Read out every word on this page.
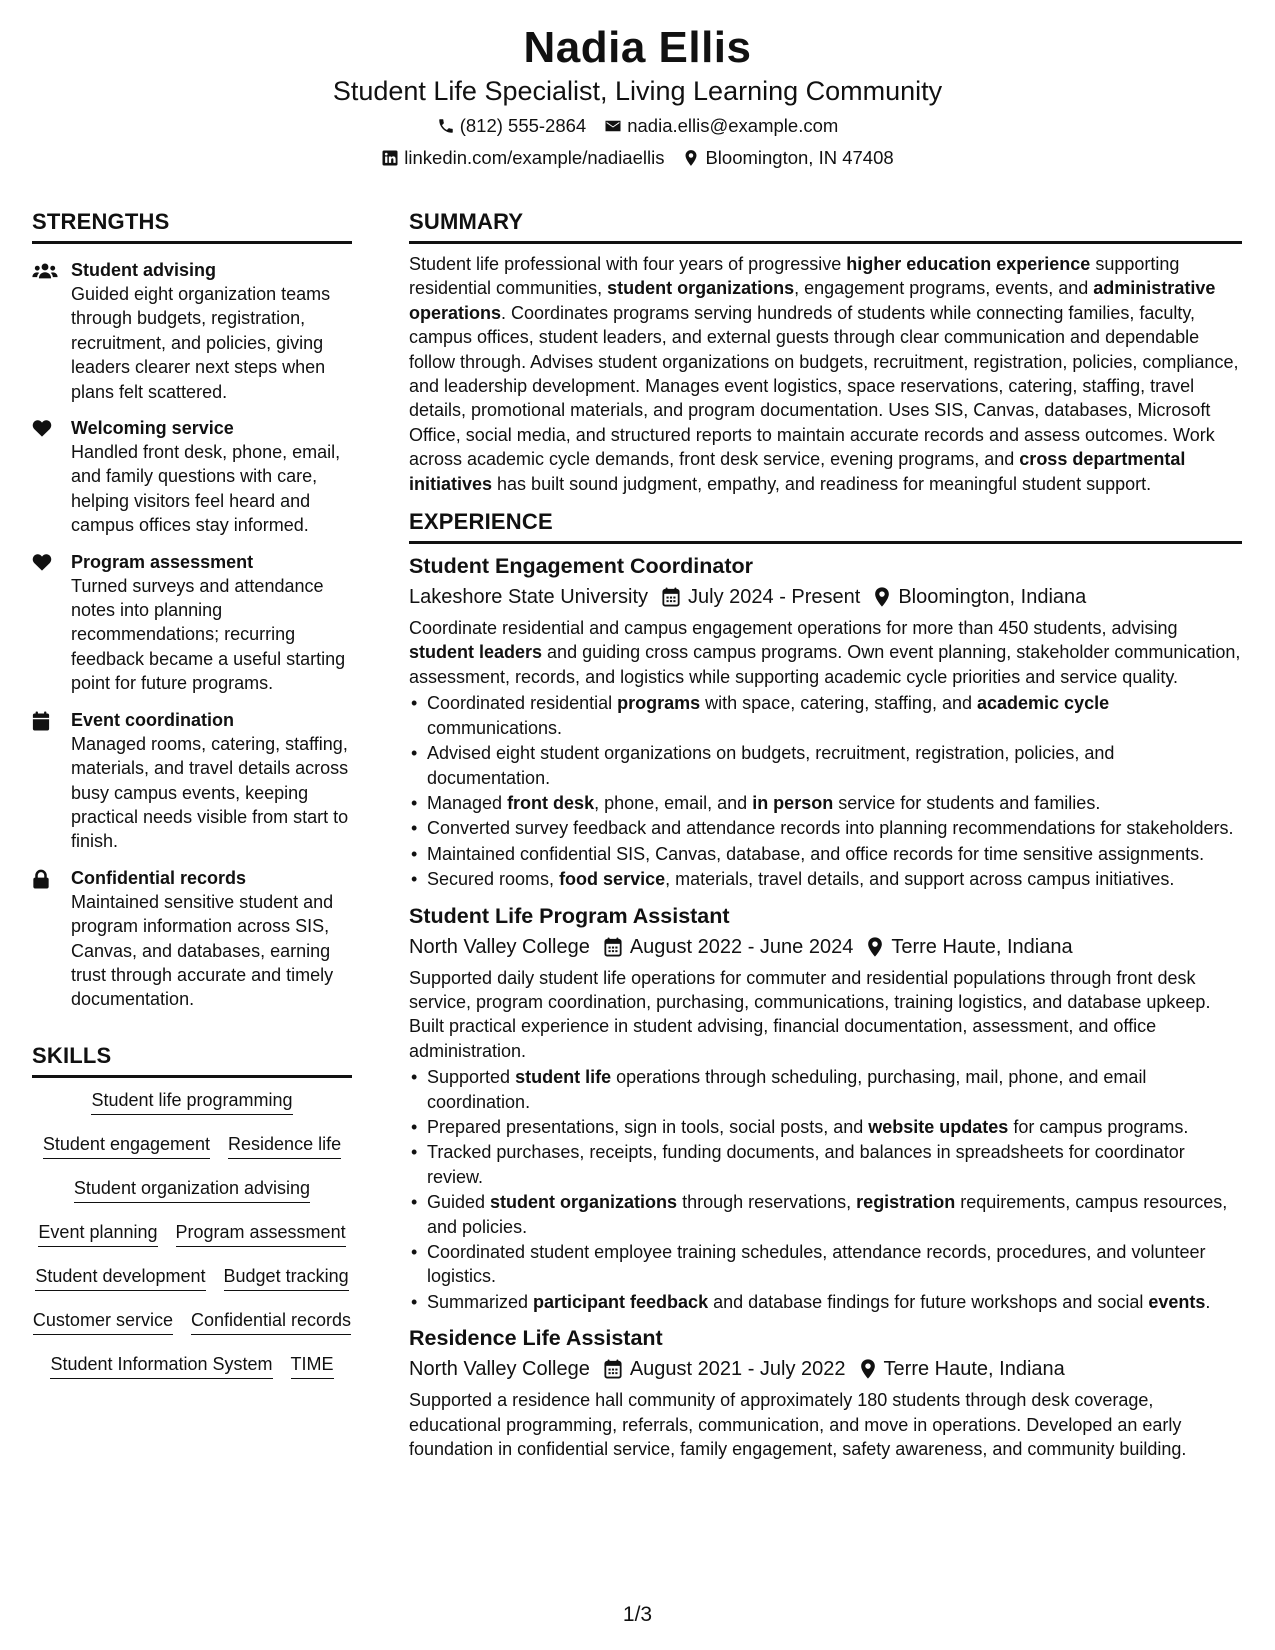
Nadia Ellis
Student Life Specialist, Living Learning Community
(812) 555-2864 nadia.ellis@example.com
linkedin.com/example/nadiaellis Bloomington, IN 47408
STRENGTHS
Student advising
Guided eight organization teams through budgets, registration, recruitment, and policies, giving leaders clearer next steps when plans felt scattered.
Welcoming service
Handled front desk, phone, email, and family questions with care, helping visitors feel heard and campus offices stay informed.
Program assessment
Turned surveys and attendance notes into planning recommendations; recurring feedback became a useful starting point for future programs.
Event coordination
Managed rooms, catering, staffing, materials, and travel details across busy campus events, keeping practical needs visible from start to finish.
Confidential records
Maintained sensitive student and program information across SIS, Canvas, and databases, earning trust through accurate and timely documentation.
SKILLS
Student life programming
Student engagement Residence life
Student organization advising
Event planning Program assessment
Student development Budget tracking
Customer service Confidential records
Student Information System TIME
SUMMARY
Student life professional with four years of progressive higher education experience supporting residential communities, student organizations, engagement programs, events, and administrative operations. Coordinates programs serving hundreds of students while connecting families, faculty, campus offices, student leaders, and external guests through clear communication and dependable follow through. Advises student organizations on budgets, recruitment, registration, policies, compliance, and leadership development. Manages event logistics, space reservations, catering, staffing, travel details, promotional materials, and program documentation. Uses SIS, Canvas, databases, Microsoft Office, social media, and structured reports to maintain accurate records and assess outcomes. Work across academic cycle demands, front desk service, evening programs, and cross departmental initiatives has built sound judgment, empathy, and readiness for meaningful student support.
EXPERIENCE
Student Engagement Coordinator
Lakeshore State University July 2024 - Present Bloomington, Indiana
Coordinate residential and campus engagement operations for more than 450 students, advising student leaders and guiding cross campus programs. Own event planning, stakeholder communication, assessment, records, and logistics while supporting academic cycle priorities and service quality.
• Coordinated residential programs with space, catering, staffing, and academic cycle communications.
• Advised eight student organizations on budgets, recruitment, registration, policies, and documentation.
• Managed front desk, phone, email, and in person service for students and families.
• Converted survey feedback and attendance records into planning recommendations for stakeholders.
• Maintained confidential SIS, Canvas, database, and office records for time sensitive assignments.
• Secured rooms, food service, materials, travel details, and support across campus initiatives.
Student Life Program Assistant
North Valley College August 2022 - June 2024 Terre Haute, Indiana
Supported daily student life operations for commuter and residential populations through front desk service, program coordination, purchasing, communications, training logistics, and database upkeep. Built practical experience in student advising, financial documentation, assessment, and office administration.
• Supported student life operations through scheduling, purchasing, mail, phone, and email coordination.
• Prepared presentations, sign in tools, social posts, and website updates for campus programs.
• Tracked purchases, receipts, funding documents, and balances in spreadsheets for coordinator review.
• Guided student organizations through reservations, registration requirements, campus resources, and policies.
• Coordinated student employee training schedules, attendance records, procedures, and volunteer logistics.
• Summarized participant feedback and database findings for future workshops and social events.
Residence Life Assistant
North Valley College August 2021 - July 2022 Terre Haute, Indiana
Supported a residence hall community of approximately 180 students through desk coverage, educational programming, referrals, communication, and move in operations. Developed an early foundation in confidential service, family engagement, safety awareness, and community building.
1/3
